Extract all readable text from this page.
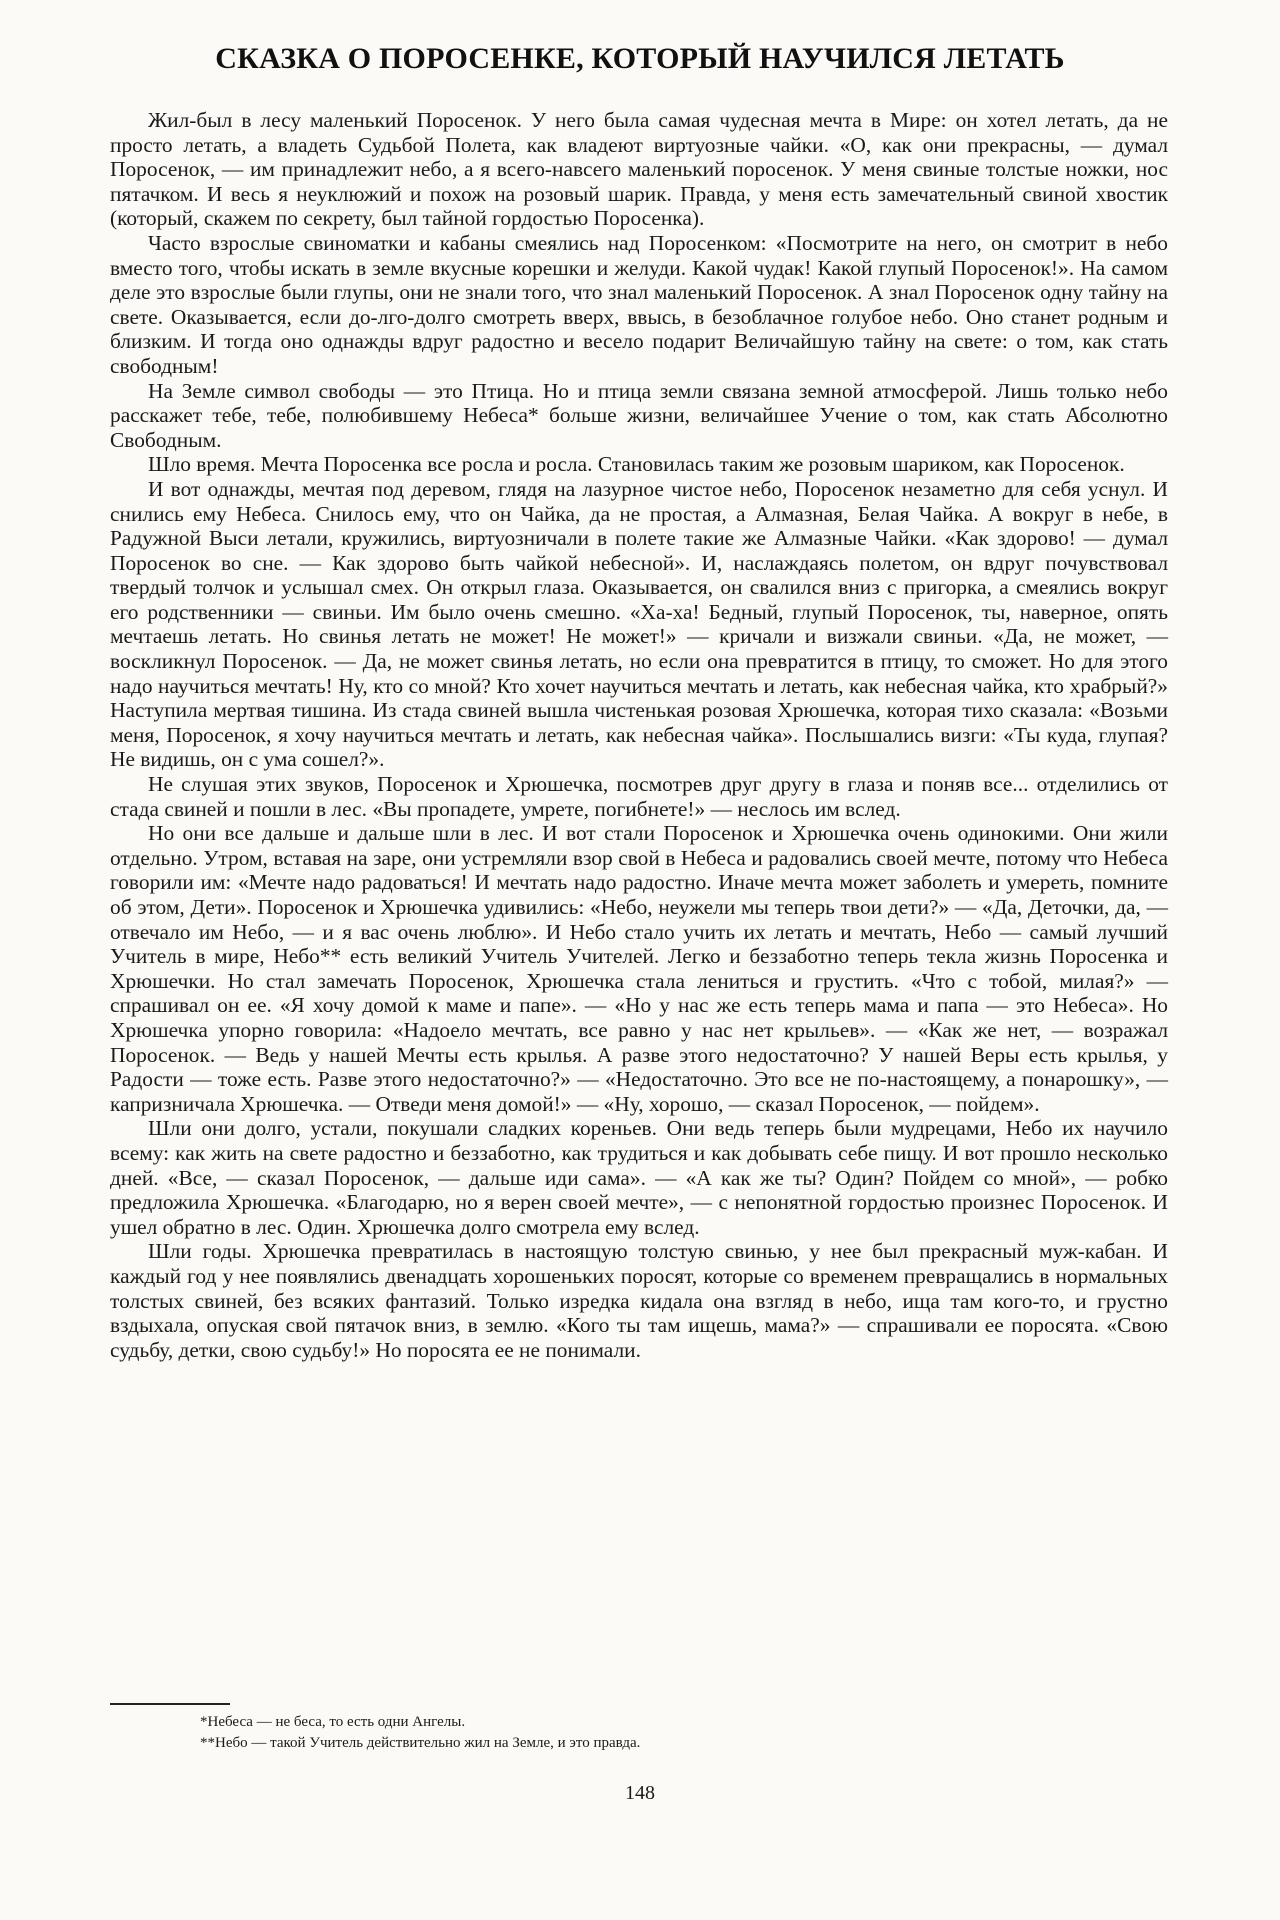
СКАЗКА О ПОРОСЕНКЕ, КОТОРЫЙ НАУЧИЛСЯ ЛЕТАТЬ

Жил-был в лесу маленький Поросенок. У него была самая чудесная мечта в Мире: он хотел летать, да не просто летать, а владеть Судьбой Полета, как владеют виртуозные чайки. «О, как они прекрасны, — думал Поросенок, — им принадлежит небо, а я всего-навсего маленький поросенок. У меня свиные толстые ножки, нос пятачком. И весь я неуклюжий и похож на розовый шарик. Правда, у меня есть замечательный свиной хвостик (который, скажем по секрету, был тайной гордостью Поросенка).

Часто взрослые свиноматки и кабаны смеялись над Поросенком: «Посмотрите на него, он смотрит в небо вместо того, чтобы искать в земле вкусные корешки и желуди. Какой чудак! Какой глупый Поросенок!». На самом деле это взрослые были глупы, они не знали того, что знал маленький Поросенок. А знал Поросенок одну тайну на свете. Оказывается, если до-лго-долго смотреть вверх, ввысь, в безоблачное голубое небо. Оно станет родным и близким. И тогда оно однажды вдруг радостно и весело подарит Величайшую тайну на свете: о том, как стать свободным!

На Земле символ свободы — это Птица. Но и птица земли связана земной атмосферой. Лишь только небо расскажет тебе, тебе, полюбившему Небеса* больше жизни, величайшее Учение о том, как стать Абсолютно Свободным.

Шло время. Мечта Поросенка все росла и росла. Становилась таким же розовым шариком, как Поросенок.

И вот однажды, мечтая под деревом, глядя на лазурное чистое небо, Поросенок незаметно для себя уснул. И снились ему Небеса. Снилось ему, что он Чайка, да не простая, а Алмазная, Белая Чайка. А вокруг в небе, в Радужной Выси летали, кружились, виртуозничали в полете такие же Алмазные Чайки. «Как здорово! — думал Поросенок во сне. — Как здорово быть чайкой небесной». И, наслаждаясь полетом, он вдруг почувствовал твердый толчок и услышал смех. Он открыл глаза. Оказывается, он свалился вниз с пригорка, а смеялись вокруг его родственники — свиньи. Им было очень смешно. «Ха-ха! Бедный, глупый Поросенок, ты, наверное, опять мечтаешь летать. Но свинья летать не может! Не может!» — кричали и визжали свиньи. «Да, не может, — воскликнул Поросенок. — Да, не может свинья летать, но если она превратится в птицу, то сможет. Но для этого надо научиться мечтать! Ну, кто со мной? Кто хочет научиться мечтать и летать, как небесная чайка, кто храбрый?» Наступила мертвая тишина. Из стада свиней вышла чистенькая розовая Хрюшечка, которая тихо сказала: «Возьми меня, Поросенок, я хочу научиться мечтать и летать, как небесная чайка». Послышались визги: «Ты куда, глупая? Не видишь, он с ума сошел?».

Не слушая этих звуков, Поросенок и Хрюшечка, посмотрев друг другу в глаза и поняв все... отделились от стада свиней и пошли в лес. «Вы пропадете, умрете, погибнете!» — неслось им вслед.

Но они все дальше и дальше шли в лес. И вот стали Поросенок и Хрюшечка очень одинокими. Они жили отдельно. Утром, вставая на заре, они устремляли взор свой в Небеса и радовались своей мечте, потому что Небеса говорили им: «Мечте надо радоваться! И мечтать надо радостно. Иначе мечта может заболеть и умереть, помните об этом, Дети». Поросенок и Хрюшечка удивились: «Небо, неужели мы теперь твои дети?» — «Да, Деточки, да, — отвечало им Небо, — и я вас очень люблю». И Небо стало учить их летать и мечтать, Небо — самый лучший Учитель в мире, Небо** есть великий Учитель Учителей. Легко и беззаботно теперь текла жизнь Поросенка и Хрюшечки. Но стал замечать Поросенок, Хрюшечка стала лениться и грустить. «Что с тобой, милая?» — спрашивал он ее. «Я хочу домой к маме и папе». — «Но у нас же есть теперь мама и папа — это Небеса». Но Хрюшечка упорно говорила: «Надоело мечтать, все равно у нас нет крыльев». — «Как же нет, — возражал Поросенок. — Ведь у нашей Мечты есть крылья. А разве этого недостаточно? У нашей Веры есть крылья, у Радости — тоже есть. Разве этого недостаточно?» — «Недостаточно. Это все не по-настоящему, а понарошку», — капризничала Хрюшечка. — Отведи меня домой!» — «Ну, хорошо, — сказал Поросенок, — пойдем».

Шли они долго, устали, покушали сладких кореньев. Они ведь теперь были мудрецами, Небо их научило всему: как жить на свете радостно и беззаботно, как трудиться и как добывать себе пищу. И вот прошло несколько дней. «Все, — сказал Поросенок, — дальше иди сама». — «А как же ты? Один? Пойдем со мной», — робко предложила Хрюшечка. «Благодарю, но я верен своей мечте», — с непонятной гордостью произнес Поросенок. И ушел обратно в лес. Один. Хрюшечка долго смотрела ему вслед.

Шли годы. Хрюшечка превратилась в настоящую толстую свинью, у нее был прекрасный муж-кабан. И каждый год у нее появлялись двенадцать хорошеньких поросят, которые со временем превращались в нормальных толстых свиней, без всяких фантазий. Только изредка кидала она взгляд в небо, ища там кого-то, и грустно вздыхала, опуская свой пятачок вниз, в землю. «Кого ты там ищешь, мама?» — спрашивали ее поросята. «Свою судьбу, детки, свою судьбу!» Но поросята ее не понимали.

*Небеса — не беса, то есть одни Ангелы.
**Небо — такой Учитель действительно жил на Земле, и это правда.
148
